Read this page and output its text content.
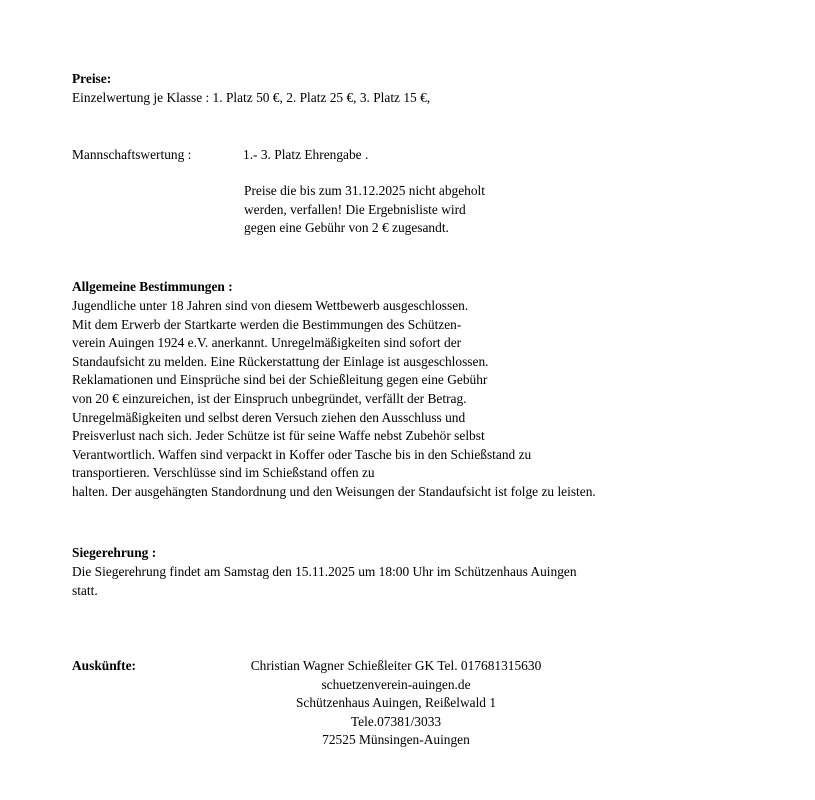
Preise:
Einzelwertung je Klasse : 1. Platz 50 €, 2. Platz 25 €, 3. Platz 15 €,
Mannschaftswertung :	1.- 3. Platz Ehrengabe .
Preise die bis zum 31.12.2025 nicht abgeholt
werden, verfallen! Die Ergebnisliste wird
gegen eine Gebühr von 2 € zugesandt.
Allgemeine Bestimmungen :
Jugendliche unter 18 Jahren sind von diesem Wettbewerb ausgeschlossen.
Mit dem Erwerb der Startkarte werden die Bestimmungen des Schützen-
verein Auingen 1924 e.V. anerkannt. Unregelmäßigkeiten sind sofort der
Standaufsicht zu melden. Eine Rückerstattung der Einlage ist ausgeschlossen.
Reklamationen und Einsprüche sind bei der Schießleitung gegen eine Gebühr
von 20 € einzureichen, ist der Einspruch unbegründet, verfällt der Betrag.
Unregelmäßigkeiten und selbst deren Versuch ziehen den Ausschluss und
Preisverlust nach sich. Jeder Schütze ist für seine Waffe nebst Zubehör selbst
Verantwortlich. Waffen sind verpackt in Koffer oder Tasche bis in den Schießstand zu
transportieren. Verschlüsse sind im Schießstand offen zu
halten. Der ausgehängten Standordnung und den Weisungen der Standaufsicht ist folge zu leisten.
Siegerehrung :
Die Siegerehrung findet am Samstag den 15.11.2025 um 18:00 Uhr im Schützenhaus Auingen
statt.
Auskünfte:	Christian Wagner Schießleiter GK Tel. 017681315630
schuetzenverein-auingen.de
Schützenhaus Auingen, Reißelwald 1
Tele.07381/3033
72525 Münsingen-Auingen
